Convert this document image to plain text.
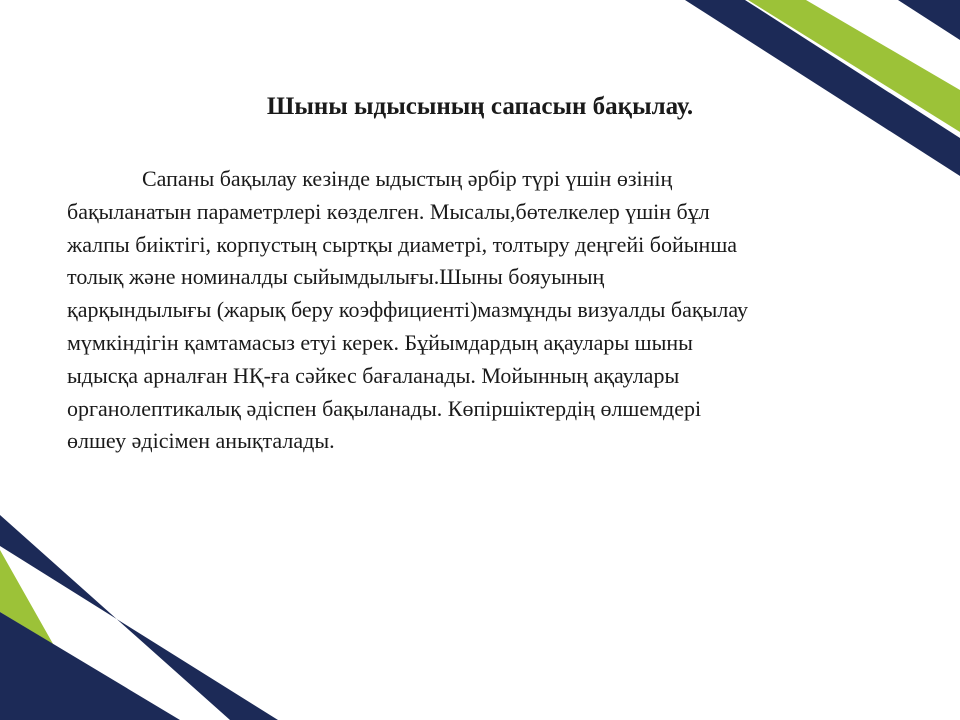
Шыны ыдысының сапасын бақылау.
Сапаны бақылау кезінде ыдыстың әрбір түрі үшін өзінің
бақыланатын параметрлері көзделген. Мысалы,бөтелкелер үшін бұл
жалпы биіктігі, корпустың сыртқы диаметрі, толтыру деңгейі бойынша
толық және номиналды сыйымдылығы.Шыны бояуының
қарқындылығы (жарық беру коэффициенті)мазмұнды визуалды бақылау
мүмкіндігін қамтамасыз етуі керек. Бұйымдардың ақаулары шыны
ыдысқа арналған НҚ-ға сәйкес бағаланады. Мойынның ақаулары
органолептикалық әдіспен бақыланады. Көпіршіктердің өлшемдері
өлшеу әдісімен анықталады.
